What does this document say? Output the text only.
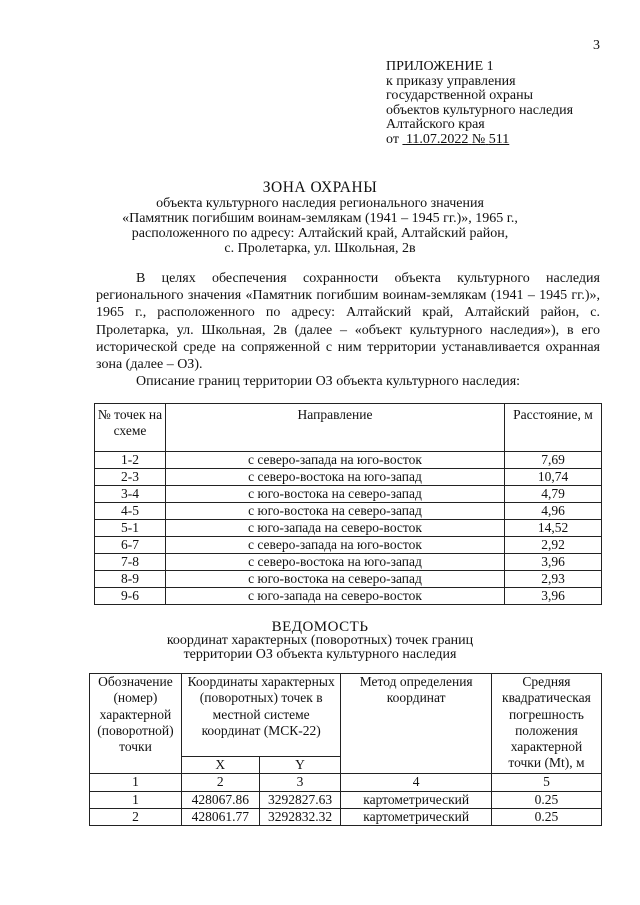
3
ПРИЛОЖЕНИЕ 1
к приказу управления
государственной охраны
объектов культурного наследия
Алтайского края
от 11.07.2022 № 511
ЗОНА ОХРАНЫ
объекта культурного наследия регионального значения
«Памятник погибшим воинам-землякам (1941 – 1945 гг.)», 1965 г.,
расположенного по адресу: Алтайский край, Алтайский район,
с. Пролетарка, ул. Школьная, 2в

В целях обеспечения сохранности объекта культурного наследия регионального значения «Памятник погибшим воинам-землякам (1941 – 1945 гг.)», 1965 г., расположенного по адресу: Алтайский край, Алтайский район, с. Пролетарка, ул. Школьная, 2в (далее – «объект культурного наследия»), в его исторической среде на сопряженной с ним территории устанавливается охранная зона (далее – ОЗ).

Описание границ территории ОЗ объекта культурного наследия:

№ точек на схеме	Направление	Расстояние, м
1-2	с северо-запада на юго-восток	7,69
2-3	с северо-востока на юго-запад	10,74
3-4	с юго-востока на северо-запад	4,79
4-5	с юго-востока на северо-запад	4,96
5-1	с юго-запада на северо-восток	14,52
6-7	с северо-запада на юго-восток	2,92
7-8	с северо-востока на юго-запад	3,96
8-9	с юго-востока на северо-запад	2,93
9-6	с юго-запада на северо-восток	3,96
ВЕДОМОСТЬ
координат характерных (поворотных) точек границ
территории ОЗ объекта культурного наследия
Обозначение (номер) характерной (поворотной) точки	Координаты характерных (поворотных) точек в местной системе координат (МСК-22)		Метод определения координат	Средняя квадратическая погрешность положения характерной точки (Mt), м
	X	Y		
1	2	3	4	5
1	428067.86	3292827.63	картометрический	0.25
2	428061.77	3292832.32	картометрический	0.25
